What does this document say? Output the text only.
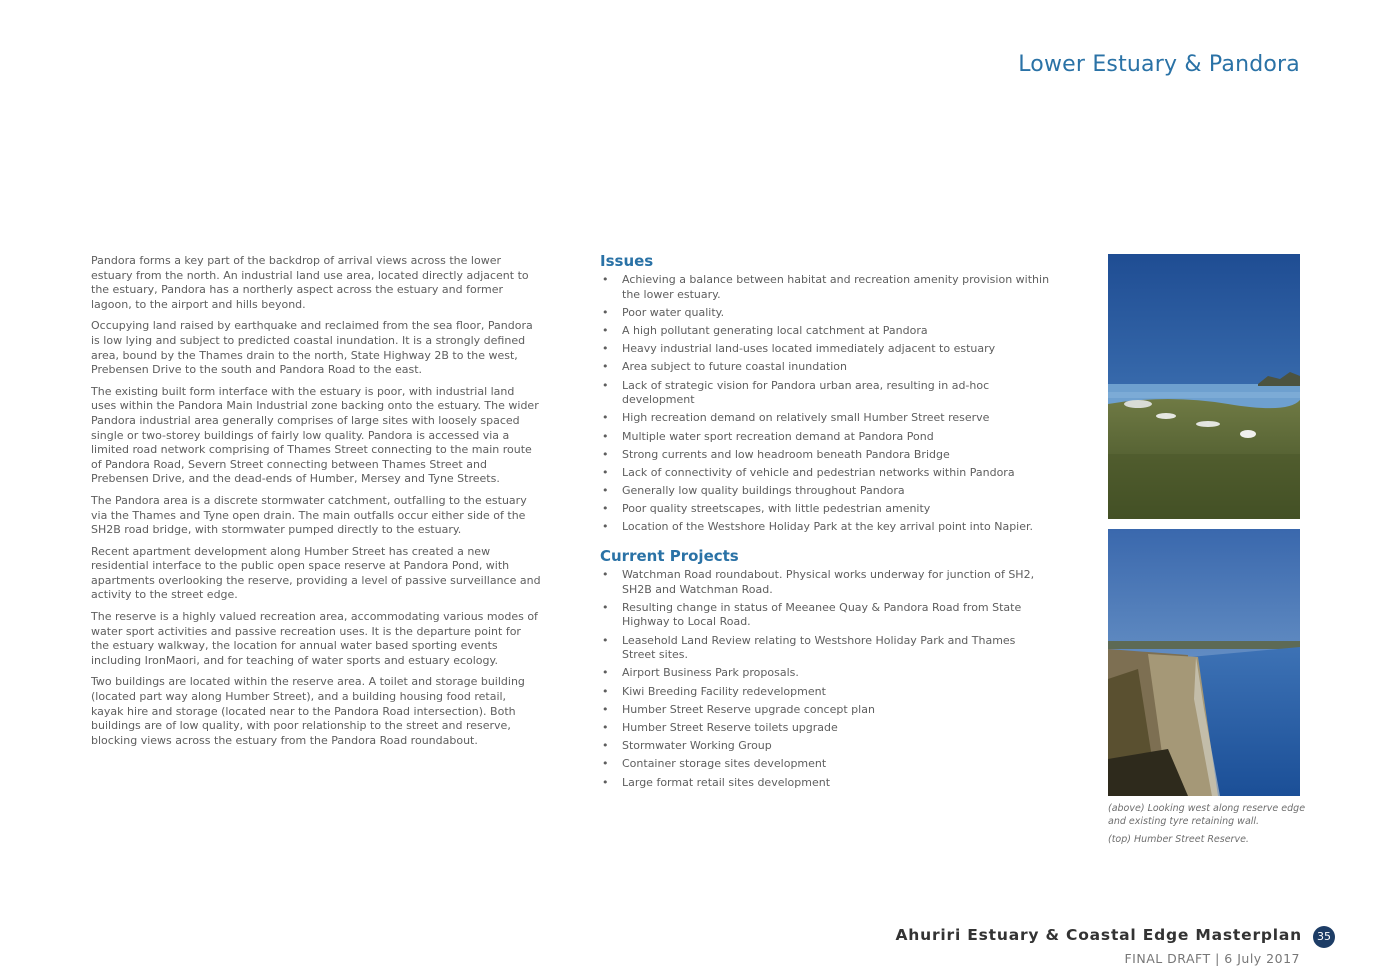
Lower Estuary & Pandora

Pandora forms a key part of the backdrop of arrival views across the lower estuary from the north. An industrial land use area, located directly adjacent to the estuary, Pandora has a northerly aspect across the estuary and former lagoon, to the airport and hills beyond.

Occupying land raised by earthquake and reclaimed from the sea floor, Pandora is low lying and subject to predicted coastal inundation. It is a strongly defined area, bound by the Thames drain to the north, State Highway 2B to the west, Prebensen Drive to the south and Pandora Road to the east.

The existing built form interface with the estuary is poor, with industrial land uses within the Pandora Main Industrial zone backing onto the estuary. The wider Pandora industrial area generally comprises of large sites with loosely spaced single or two-storey buildings of fairly low quality. Pandora is accessed via a limited road network comprising of Thames Street connecting to the main route of Pandora Road, Severn Street connecting between Thames Street and Prebensen Drive, and the dead-ends of Humber, Mersey and Tyne Streets.

The Pandora area is a discrete stormwater catchment, outfalling to the estuary via the Thames and Tyne open drain. The main outfalls occur either side of the SH2B road bridge, with stormwater pumped directly to the estuary.

Recent apartment development along Humber Street has created a new residential interface to the public open space reserve at Pandora Pond, with apartments overlooking the reserve, providing a level of passive surveillance and activity to the street edge.

The reserve is a highly valued recreation area, accommodating various modes of water sport activities and passive recreation uses. It is the departure point for the estuary walkway, the location for annual water based sporting events including IronMaori, and for teaching of water sports and estuary ecology.

Two buildings are located within the reserve area. A toilet and storage building (located part way along Humber Street), and a building housing food retail, kayak hire and storage (located near to the Pandora Road intersection). Both buildings are of low quality, with poor relationship to the street and reserve, blocking views across the estuary from the Pandora Road roundabout.

Issues
• Achieving a balance between habitat and recreation amenity provision within the lower estuary.
• Poor water quality.
• A high pollutant generating local catchment at Pandora
• Heavy industrial land-uses located immediately adjacent to estuary
• Area subject to future coastal inundation
• Lack of strategic vision for Pandora urban area, resulting in ad-hoc development
• High recreation demand on relatively small Humber Street reserve
• Multiple water sport recreation demand at Pandora Pond
• Strong currents and low headroom beneath Pandora Bridge
• Lack of connectivity of vehicle and pedestrian networks within Pandora
• Generally low quality buildings throughout Pandora
• Poor quality streetscapes, with little pedestrian amenity
• Location of the Westshore Holiday Park at the key arrival point into Napier.
Current Projects
• Watchman Road roundabout. Physical works underway for junction of SH2, SH2B and Watchman Road.
• Resulting change in status of Meeanee Quay & Pandora Road from State Highway to Local Road.
• Leasehold Land Review relating to Westshore Holiday Park and Thames Street sites.
• Airport Business Park proposals.
• Kiwi Breeding Facility redevelopment
• Humber Street Reserve upgrade concept plan
• Humber Street Reserve toilets upgrade
• Stormwater Working Group
• Container storage sites development
• Large format retail sites development

(above) Looking west along reserve edge and existing tyre retaining wall.

(top) Humber Street Reserve.

Ahuriri Estuary & Coastal Edge Masterplan	35
FINAL DRAFT | 6 July 2017
